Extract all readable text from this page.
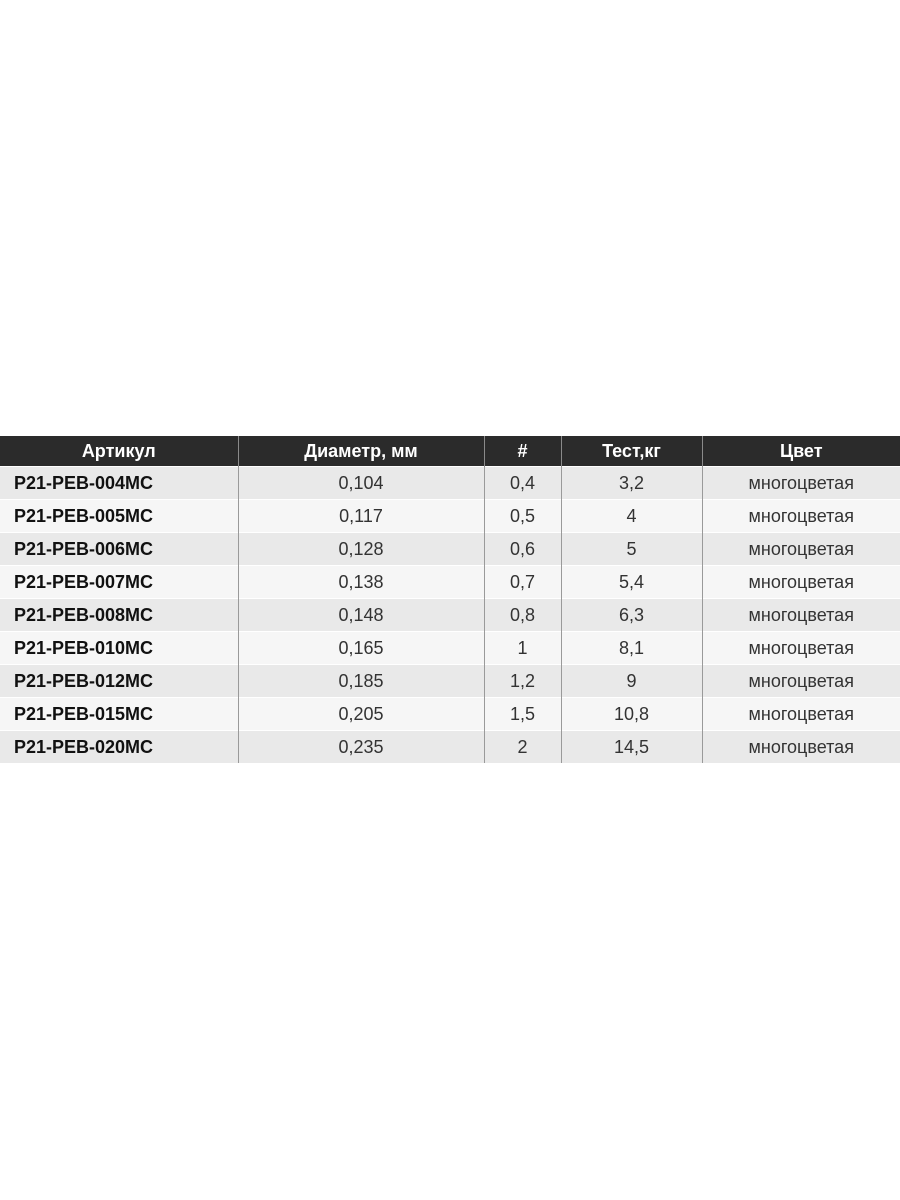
Артикул	Диаметр, мм	#	Тест,кг	Цвет
P21-PEB-004MC	0,104	0,4	3,2	многоцветая
P21-PEB-005MC	0,117	0,5	4	многоцветая
P21-PEB-006MC	0,128	0,6	5	многоцветая
P21-PEB-007MC	0,138	0,7	5,4	многоцветая
P21-PEB-008MC	0,148	0,8	6,3	многоцветая
P21-PEB-010MC	0,165	1	8,1	многоцветая
P21-PEB-012MC	0,185	1,2	9	многоцветая
P21-PEB-015MC	0,205	1,5	10,8	многоцветая
P21-PEB-020MC	0,235	2	14,5	многоцветая
